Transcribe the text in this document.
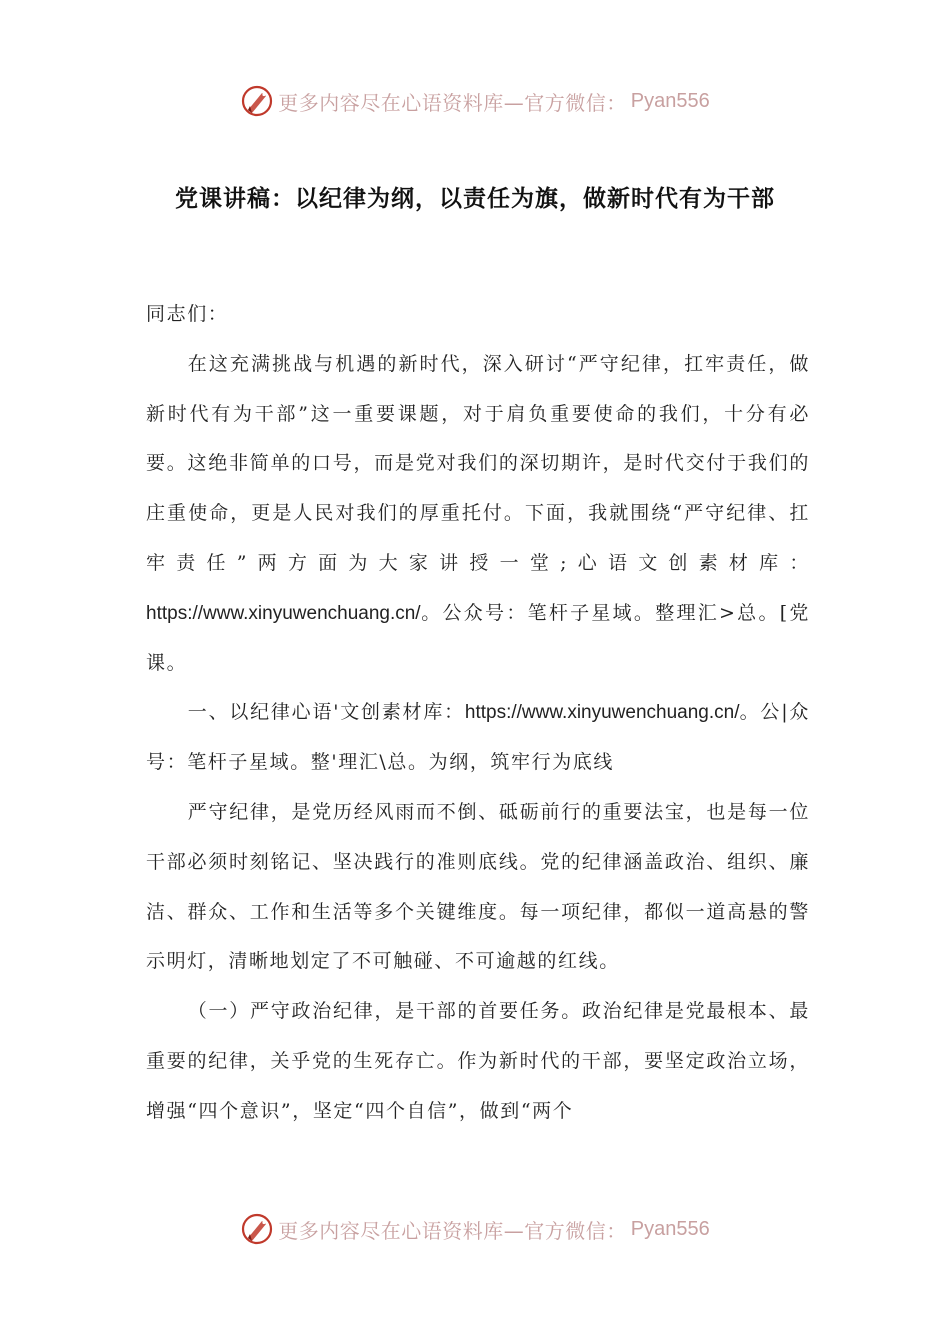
更多内容尽在心语资料库—官方微信： Pyan556
党课讲稿：以纪律为纲，以责任为旗，做新时代有为干部

同志们：

在这充满挑战与机遇的新时代，深入研讨“严守纪律，扛牢责任，做新时代有为干部”这一重要课题，对于肩负重要使命的我们，十分有必要。这绝非简单的口号，而是党对我们的深切期许，是时代交付于我们的庄重使命，更是人民对我们的厚重托付。下面，我就围绕“严守纪律、扛牢责任”两方面为大家讲授一堂;心语文创素材库：https://www.xinyuwenchuang.cn/。公众号：笔杆子星域。整理汇>总。[党课。

一、以纪律心语'文创素材库：https://www.xinyuwenchuang.cn/。公|众号：笔杆子星域。整'理汇\总。为纲，筑牢行为底线

严守纪律，是党历经风雨而不倒、砥砺前行的重要法宝，也是每一位干部必须时刻铭记、坚决践行的准则底线。党的纪律涵盖政治、组织、廉洁、群众、工作和生活等多个关键维度。每一项纪律，都似一道高悬的警示明灯，清晰地划定了不可触碰、不可逾越的红线。

（一）严守政治纪律，是干部的首要任务。政治纪律是党最根本、最重要的纪律，关乎党的生死存亡。作为新时代的干部，要坚定政治立场，增强“四个意识”，坚定“四个自信”，做到“两个

更多内容尽在心语资料库—官方微信： Pyan556
